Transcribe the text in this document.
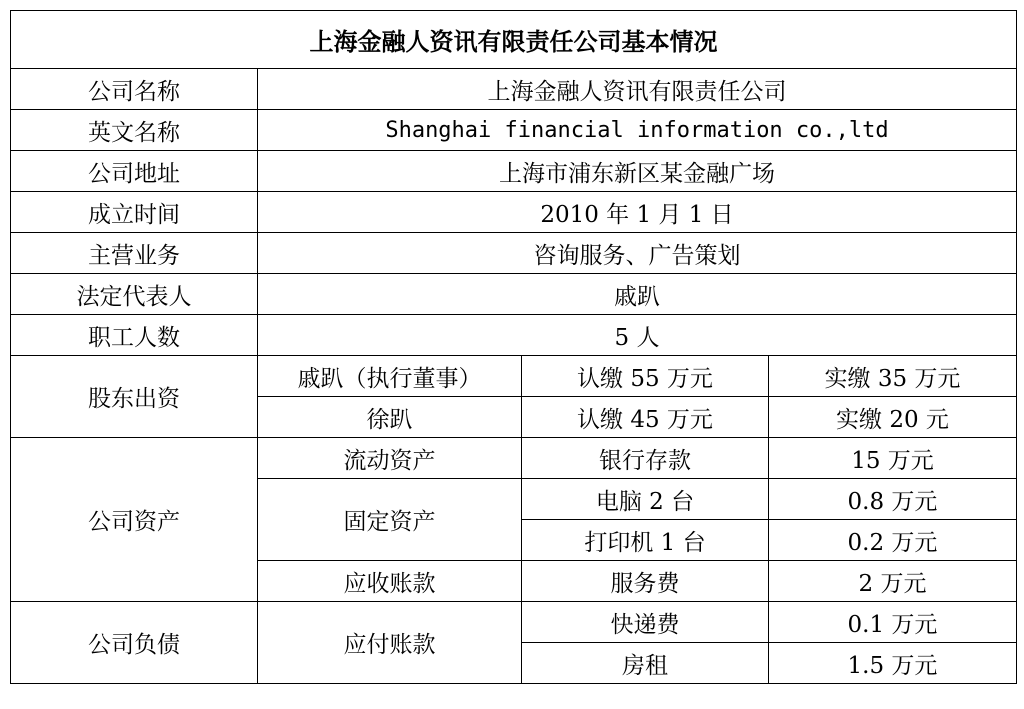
上海金融人资讯有限责任公司基本情况			
公司名称	上海金融人资讯有限责任公司		
英文名称	Shanghai financial information co.,ltd		
公司地址	上海市浦东新区某金融广场		
成立时间	2010 年 1 月 1 日		
主营业务	咨询服务、广告策划		
法定代表人	戚趴		
职工人数	5 人		
股东出资	戚趴（执行董事）	认缴 55 万元	实缴 35 万元
	徐趴	认缴 45 万元	实缴 20 元
公司资产	流动资产	银行存款	15 万元
	固定资产	电脑 2 台	0.8 万元
		打印机 1 台	0.2 万元
	应收账款	服务费	2 万元
公司负债	应付账款	快递费	0.1 万元
		房租	1.5 万元
